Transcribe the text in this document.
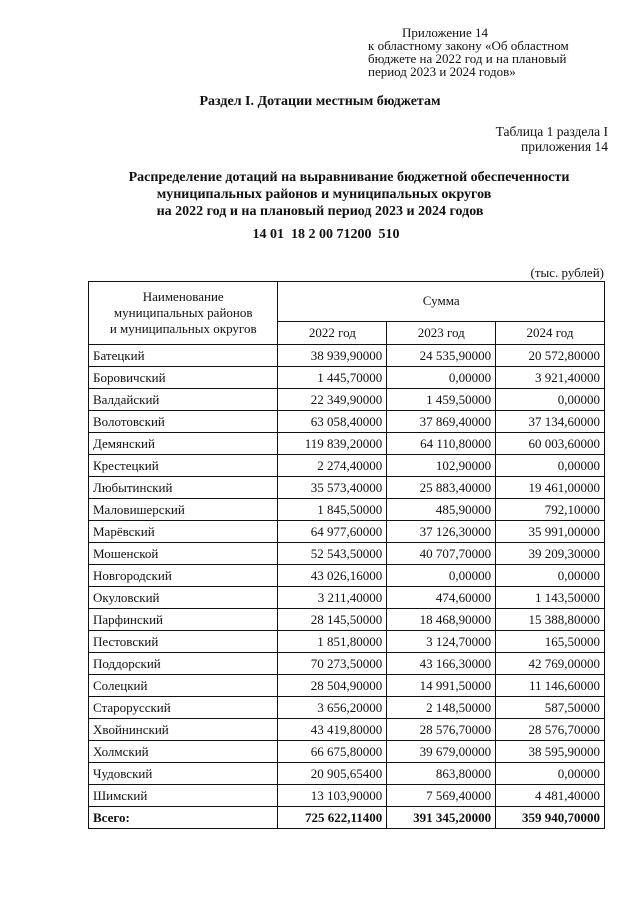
Приложение 14
к областному закону «Об областном
бюджете на 2022 год и на плановый
период 2023 и 2024 годов»
Раздел I. Дотации местным бюджетам
Таблица 1 раздела I
приложения 14
Распределение дотаций на выравнивание бюджетной обеспеченности
муниципальных районов и муниципальных округов
на 2022 год и на плановый период 2023 и 2024 годов
14 01  18 2 00 71200  510
(тыс. рублей)
Наименование
муниципальных районов
и муниципальных округов	Сумма		
	2022 год	2023 год	2024 год
Батецкий	38 939,90000	24 535,90000	20 572,80000
Боровичский	1 445,70000	0,00000	3 921,40000
Валдайский	22 349,90000	1 459,50000	0,00000
Волотовский	63 058,40000	37 869,40000	37 134,60000
Демянский	119 839,20000	64 110,80000	60 003,60000
Крестецкий	2 274,40000	102,90000	0,00000
Любытинский	35 573,40000	25 883,40000	19 461,00000
Маловишерский	1 845,50000	485,90000	792,10000
Марёвский	64 977,60000	37 126,30000	35 991,00000
Мошенской	52 543,50000	40 707,70000	39 209,30000
Новгородский	43 026,16000	0,00000	0,00000
Окуловский	3 211,40000	474,60000	1 143,50000
Парфинский	28 145,50000	18 468,90000	15 388,80000
Пестовский	1 851,80000	3 124,70000	165,50000
Поддорский	70 273,50000	43 166,30000	42 769,00000
Солецкий	28 504,90000	14 991,50000	11 146,60000
Старорусский	3 656,20000	2 148,50000	587,50000
Хвойнинский	43 419,80000	28 576,70000	28 576,70000
Холмский	66 675,80000	39 679,00000	38 595,90000
Чудовский	20 905,65400	863,80000	0,00000
Шимский	13 103,90000	7 569,40000	4 481,40000
Всего:	725 622,11400	391 345,20000	359 940,70000
